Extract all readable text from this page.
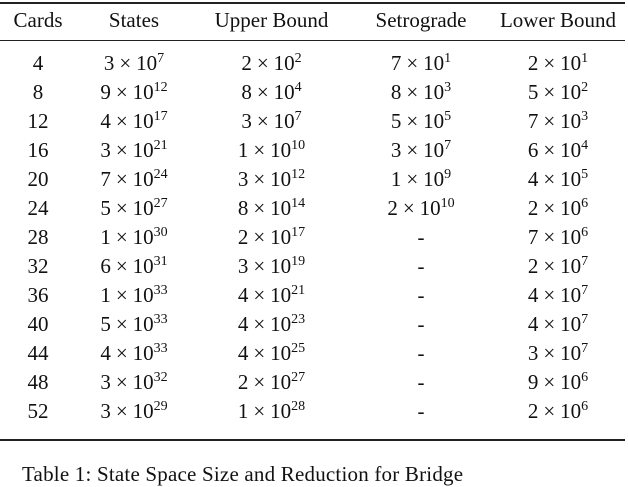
Cards	States	Upper Bound	Setrograde	Lower Bound
4	$3 \times 10^7$	$2 \times 10^2$	$7 \times 10^1$	$2 \times 10^1$
8	$9 \times 10^{12}$	$8 \times 10^4$	$8 \times 10^3$	$5 \times 10^2$
12	$4 \times 10^{17}$	$3 \times 10^7$	$5 \times 10^5$	$7 \times 10^3$
16	$3 \times 10^{21}$	$1 \times 10^{10}$	$3 \times 10^7$	$6 \times 10^4$
20	$7 \times 10^{24}$	$3 \times 10^{12}$	$1 \times 10^9$	$4 \times 10^5$
24	$5 \times 10^{27}$	$8 \times 10^{14}$	$2 \times 10^{10}$	$2 \times 10^6$
28	$1 \times 10^{30}$	$2 \times 10^{17}$	-	$7 \times 10^6$
32	$6 \times 10^{31}$	$3 \times 10^{19}$	-	$2 \times 10^7$
36	$1 \times 10^{33}$	$4 \times 10^{21}$	-	$4 \times 10^7$
40	$5 \times 10^{33}$	$4 \times 10^{23}$	-	$4 \times 10^7$
44	$4 \times 10^{33}$	$4 \times 10^{25}$	-	$3 \times 10^7$
48	$3 \times 10^{32}$	$2 \times 10^{27}$	-	$9 \times 10^6$
52	$3 \times 10^{29}$	$1 \times 10^{28}$	-	$2 \times 10^6$
Table 1: State Space Size and Reduction for Bridge
